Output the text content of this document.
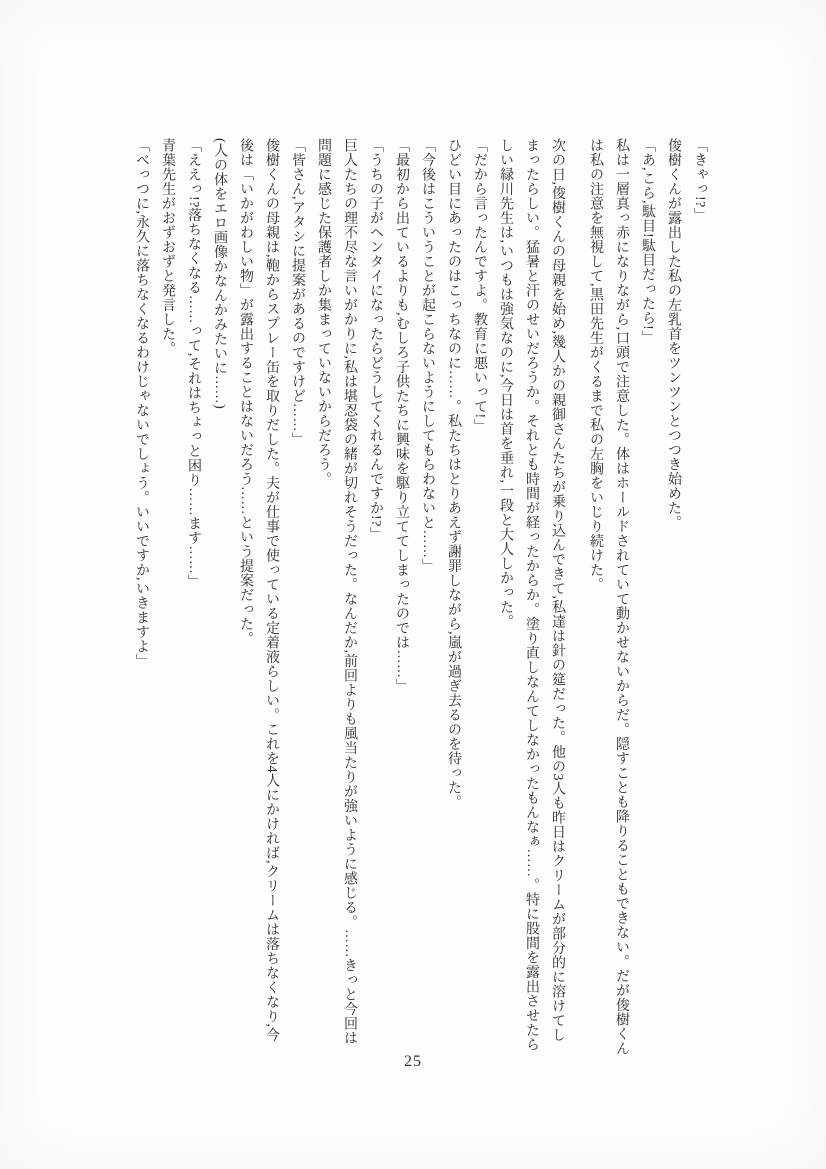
「きゃっ!?」

俊樹くんが露出した私の左乳首をツンツンとつつき始めた。

「あ,こら,駄目!駄目だったら!」

私は一層真っ赤になりながら,口頭で注意した。体はホールドされていて動かせないからだ。隠すことも降りることもできない。だが俊樹くんは私の注意を無視して,黒田先生がくるまで私の左胸をいじり続けた。

次の日,俊樹くんの母親を始め,幾人かの親御さんたちが乗り込んできて,私達は針の筵だった。他の3人も昨日はクリームが部分的に溶けてしまったらしい。猛暑と汗のせいだろうか。それとも時間が経ったからか。塗り直しなんてしなかったもんなぁ……。特に股間を露出させたらしい緑川先生は,いつもは強気なのに,今日は首を垂れ,一段と大人しかった。

「だから言ったんですよ。教育に悪いって!」

ひどい目にあったのはこっちなのに……。私たちはとりあえず謝罪しながら,嵐が過ぎ去るのを待った。

「今後はこういうことが起こらないようにしてもらわないと……」

「最初から出ているよりも,むしろ子供たちに興味を駆り立ててしまったのでは……」

「うちの子がヘンタイになったらどうしてくれるんですか!?」

巨人たちの理不尽な言いがかりに,私は堪忍袋の緒が切れそうだった。なんだか,前回よりも風当たりが強いように感じる。……きっと今回は問題に感じた保護者しか集まっていないからだろう。

「皆さん,アタシに提案があるのですけど……」

俊樹くんの母親は,鞄からスプレー缶を取りだした。夫が仕事で使っている定着液らしい。これを4人にかければ,クリームは落ちなくなり,今後は「いかがわしい物」が露出することはないだろう……という提案だった。

(人の体をエロ画像かなんかみたいに……)

「ええっ!?落ちなくなる……って,それはちょっと困り……ます……」

青葉先生がおずおずと発言した。

「べっつに,永久に落ちなくなるわけじゃないでしょう。いいですか,いきますよ」

25
